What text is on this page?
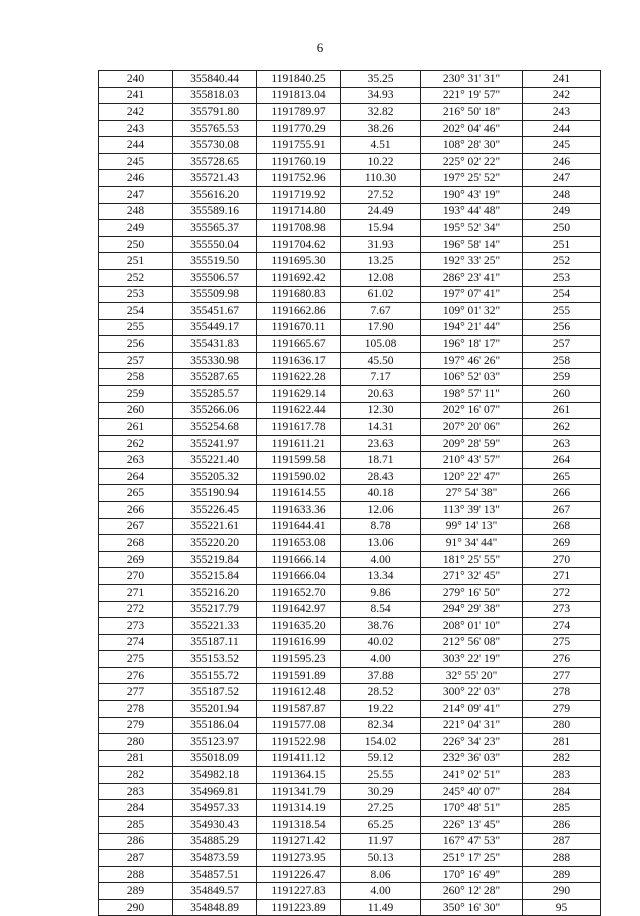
6
240	355840.44	1191840.25	35.25	230° 31' 31"	241
241	355818.03	1191813.04	34.93	221° 19' 57"	242
242	355791.80	1191789.97	32.82	216° 50' 18"	243
243	355765.53	1191770.29	38.26	202° 04' 46"	244
244	355730.08	1191755.91	4.51	108° 28' 30"	245
245	355728.65	1191760.19	10.22	225° 02' 22"	246
246	355721.43	1191752.96	110.30	197° 25' 52"	247
247	355616.20	1191719.92	27.52	190° 43' 19"	248
248	355589.16	1191714.80	24.49	193° 44' 48"	249
249	355565.37	1191708.98	15.94	195° 52' 34"	250
250	355550.04	1191704.62	31.93	196° 58' 14"	251
251	355519.50	1191695.30	13.25	192° 33' 25"	252
252	355506.57	1191692.42	12.08	286° 23' 41"	253
253	355509.98	1191680.83	61.02	197° 07' 41"	254
254	355451.67	1191662.86	7.67	109° 01' 32"	255
255	355449.17	1191670.11	17.90	194° 21' 44"	256
256	355431.83	1191665.67	105.08	196° 18' 17"	257
257	355330.98	1191636.17	45.50	197° 46' 26"	258
258	355287.65	1191622.28	7.17	106° 52' 03"	259
259	355285.57	1191629.14	20.63	198° 57' 11"	260
260	355266.06	1191622.44	12.30	202° 16' 07"	261
261	355254.68	1191617.78	14.31	207° 20' 06"	262
262	355241.97	1191611.21	23.63	209° 28' 59"	263
263	355221.40	1191599.58	18.71	210° 43' 57"	264
264	355205.32	1191590.02	28.43	120° 22' 47"	265
265	355190.94	1191614.55	40.18	27° 54' 38"	266
266	355226.45	1191633.36	12.06	113° 39' 13"	267
267	355221.61	1191644.41	8.78	99° 14' 13"	268
268	355220.20	1191653.08	13.06	91° 34' 44"	269
269	355219.84	1191666.14	4.00	181° 25' 55"	270
270	355215.84	1191666.04	13.34	271° 32' 45"	271
271	355216.20	1191652.70	9.86	279° 16' 50"	272
272	355217.79	1191642.97	8.54	294° 29' 38"	273
273	355221.33	1191635.20	38.76	208° 01' 10"	274
274	355187.11	1191616.99	40.02	212° 56' 08"	275
275	355153.52	1191595.23	4.00	303° 22' 19"	276
276	355155.72	1191591.89	37.88	32° 55' 20"	277
277	355187.52	1191612.48	28.52	300° 22' 03"	278
278	355201.94	1191587.87	19.22	214° 09' 41"	279
279	355186.04	1191577.08	82.34	221° 04' 31"	280
280	355123.97	1191522.98	154.02	226° 34' 23"	281
281	355018.09	1191411.12	59.12	232° 36' 03"	282
282	354982.18	1191364.15	25.55	241° 02' 51"	283
283	354969.81	1191341.79	30.29	245° 40' 07"	284
284	354957.33	1191314.19	27.25	170° 48' 51"	285
285	354930.43	1191318.54	65.25	226° 13' 45"	286
286	354885.29	1191271.42	11.97	167° 47' 53"	287
287	354873.59	1191273.95	50.13	251° 17' 25"	288
288	354857.51	1191226.47	8.06	170° 16' 49"	289
289	354849.57	1191227.83	4.00	260° 12' 28"	290
290	354848.89	1191223.89	11.49	350° 16' 30"	95
